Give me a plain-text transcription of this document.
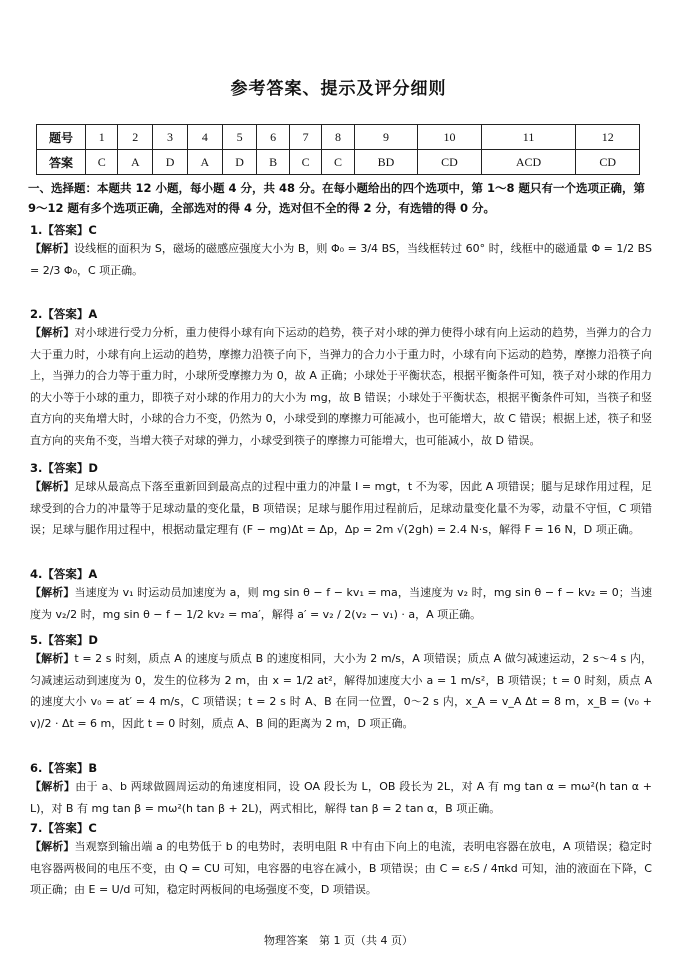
参考答案、提示及评分细则
题号	1	2	3	4	5	6	7	8	9	10	11	12
答案	C	A	D	A	D	B	C	C	BD	CD	ACD	CD
一、选择题：本题共 12 小题，每小题 4 分，共 48 分。在每小题给出的四个选项中，第 1～8 题只有一个选项正确，第 9～12 题有多个选项正确，全部选对的得 4 分，选对但不全的得 2 分，有选错的得 0 分。
1.【答案】C
【解析】设线框的面积为 S，磁场的磁感应强度大小为 B，则 Φ₀ = 3/4 BS，当线框转过 60° 时，线框中的磁通量 Φ = 1/2 BS = 2/3 Φ₀，C 项正确。
2.【答案】A
【解析】对小球进行受力分析，重力使得小球有向下运动的趋势，筷子对小球的弹力使得小球有向上运动的趋势，当弹力的合力大于重力时，小球有向上运动的趋势，摩擦力沿筷子向下，当弹力的合力小于重力时，小球有向下运动的趋势，摩擦力沿筷子向上，当弹力的合力等于重力时，小球所受摩擦力为 0，故 A 正确；小球处于平衡状态，根据平衡条件可知，筷子对小球的作用力的大小等于小球的重力，即筷子对小球的作用力的大小为 mg，故 B 错误；小球处于平衡状态，根据平衡条件可知，当筷子和竖直方向的夹角增大时，小球的合力不变，仍然为 0，小球受到的摩擦力可能减小，也可能增大，故 C 错误；根据上述，筷子和竖直方向的夹角不变，当增大筷子对球的弹力，小球受到筷子的摩擦力可能增大，也可能减小，故 D 错误。
3.【答案】D
【解析】足球从最高点下落至重新回到最高点的过程中重力的冲量 I = mgt，t 不为零，因此 A 项错误；腿与足球作用过程，足球受到的合力的冲量等于足球动量的变化量，B 项错误；足球与腿作用过程前后，足球动量变化量不为零，动量不守恒，C 项错误；足球与腿作用过程中，根据动量定理有 (F − mg)Δt = Δp，Δp = 2m √(2gh) = 2.4 N·s，解得 F = 16 N，D 项正确。
4.【答案】A
【解析】当速度为 v₁ 时运动员加速度为 a，则 mg sin θ − f − kv₁ = ma，当速度为 v₂ 时，mg sin θ − f − kv₂ = 0；当速度为 v₂/2 时，mg sin θ − f − 1/2 kv₂ = ma′，解得 a′ = v₂ / 2(v₂ − v₁) · a，A 项正确。
5.【答案】D
【解析】t = 2 s 时刻，质点 A 的速度与质点 B 的速度相同，大小为 2 m/s，A 项错误；质点 A 做匀减速运动，2 s～4 s 内，匀减速运动到速度为 0，发生的位移为 2 m，由 x = 1/2 at²，解得加速度大小 a = 1 m/s²，B 项错误；t = 0 时刻，质点 A 的速度大小 v₀ = at′ = 4 m/s，C 项错误；t = 2 s 时 A、B 在同一位置，0～2 s 内，x_A = v_A Δt = 8 m，x_B = (v₀ + v)/2 · Δt = 6 m，因此 t = 0 时刻，质点 A、B 间的距离为 2 m，D 项正确。
6.【答案】B
【解析】由于 a、b 两球做圆周运动的角速度相同，设 OA 段长为 L，OB 段长为 2L，对 A 有 mg tan α = mω²(h tan α + L)，对 B 有 mg tan β = mω²(h tan β + 2L)，两式相比，解得 tan β = 2 tan α，B 项正确。
7.【答案】C
【解析】当观察到输出端 a 的电势低于 b 的电势时，表明电阻 R 中有由下向上的电流，表明电容器在放电，A 项错误；稳定时电容器两极间的电压不变，由 Q = CU 可知，电容器的电容在减小，B 项错误；由 C = εᵣS / 4πkd 可知，油的液面在下降，C 项正确；由 E = U/d 可知，稳定时两板间的电场强度不变，D 项错误。
物理答案　第 1 页（共 4 页）
